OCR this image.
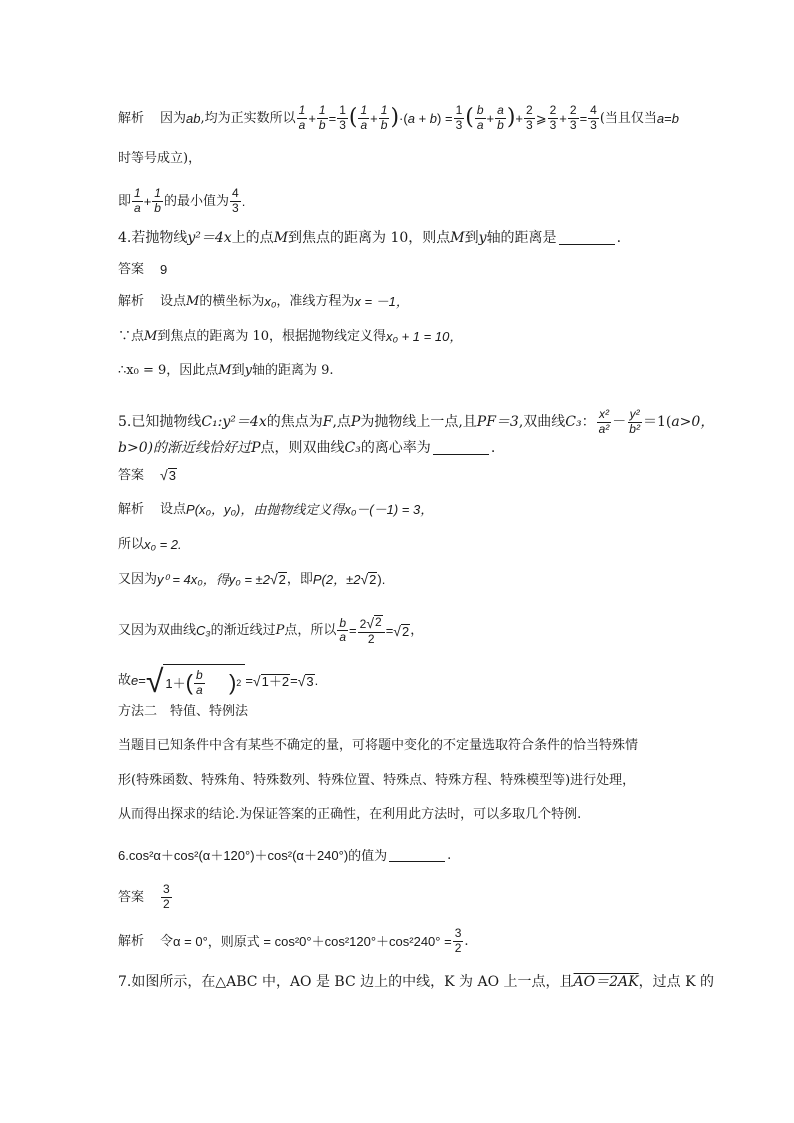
解析 因为 ab ,均为正实数所以 $\frac{1}{a} + \frac{1}{b} = \frac{1}{3}$ ( $\frac{1}{a} + \frac{1}{b}$ ) $\cdot(a + b) = \frac{1}{3}$ ( $\frac{b}{a} + \frac{a}{b}$ ) + $\frac{2}{3}$ ⩾ $\frac{2}{3} + \frac{2}{3} = \frac{4}{3}$ (当且仅当 a = b
时等号成立)，
即 $\frac{1}{a} + \frac{1}{b}$ 的最小值为 $\frac{4}{3}$ .
4.若抛物线 y²＝4x 上的点 M 到焦点的距离为 10，则点 M 到 y 轴的距离是	.
答案 9
解析 设点 M 的横坐标为 x₀ ，准线方程为 x = －1，
∵点 M 到焦点的距离为 10，根据抛物线定义得 x₀ + 1 = 10，
∴x₀ = 9，因此点 M 到 y 轴的距离为 9.
5.已知抛物线 C₁:y²＝4x 的焦点为 F ,点 P 为抛物线上一点,且 PF＝3 ,双曲线 C₃ ： $\frac{\text{x²}}{\text{a²}} - \frac{\text{y²}}{\text{b²}} =1$( a>0，
b>0)的渐近线恰好过 P 点，则双曲线 C₃ 的离心率为	.
答案 √ 3
解析 设点 P(x₀，y₀)，由抛物线定义得 x₀－(－1) = 3，
所以 x₀ = 2.
又因为 y⁰ = 4x₀，得 y₀ = ±2 √ 2 ，即 P(2，±2 √ 2 ).
又因为双曲线 C₃ 的渐近线过 P 点，所以 $\frac{b}{a} = \frac{2 √ 2}{2}$ = √ 2 ，
故 e = √ 1＋ ( $\frac{b}{a}$ ) 2 = √ 1＋2 = √ 3 .
方法二　特值、特例法
当题目已知条件中含有某些不确定的量，可将题中变化的不定量选取符合条件的恰当特殊情
形(特殊函数、特殊角、特殊数列、特殊位置、特殊点、特殊方程、特殊模型等)进行处理，
从而得出探求的结论.为保证答案的正确性，在利用此方法时，可以多取几个特例.
6.cos²α＋cos²(α＋120°)＋cos²(α＋240°)的值为	.
答案 $\frac{3}{2}$
解析 令 α = 0°，则原式 = $\cos^20^\circ+\cos^2120^\circ+\cos^2240^\circ = \frac{3}{2}$ .
7.如图所示，在△ABC 中，AO 是 BC 边上的中线，K 为 AO 上一点，且 AO＝2AK ，过点 K 的
